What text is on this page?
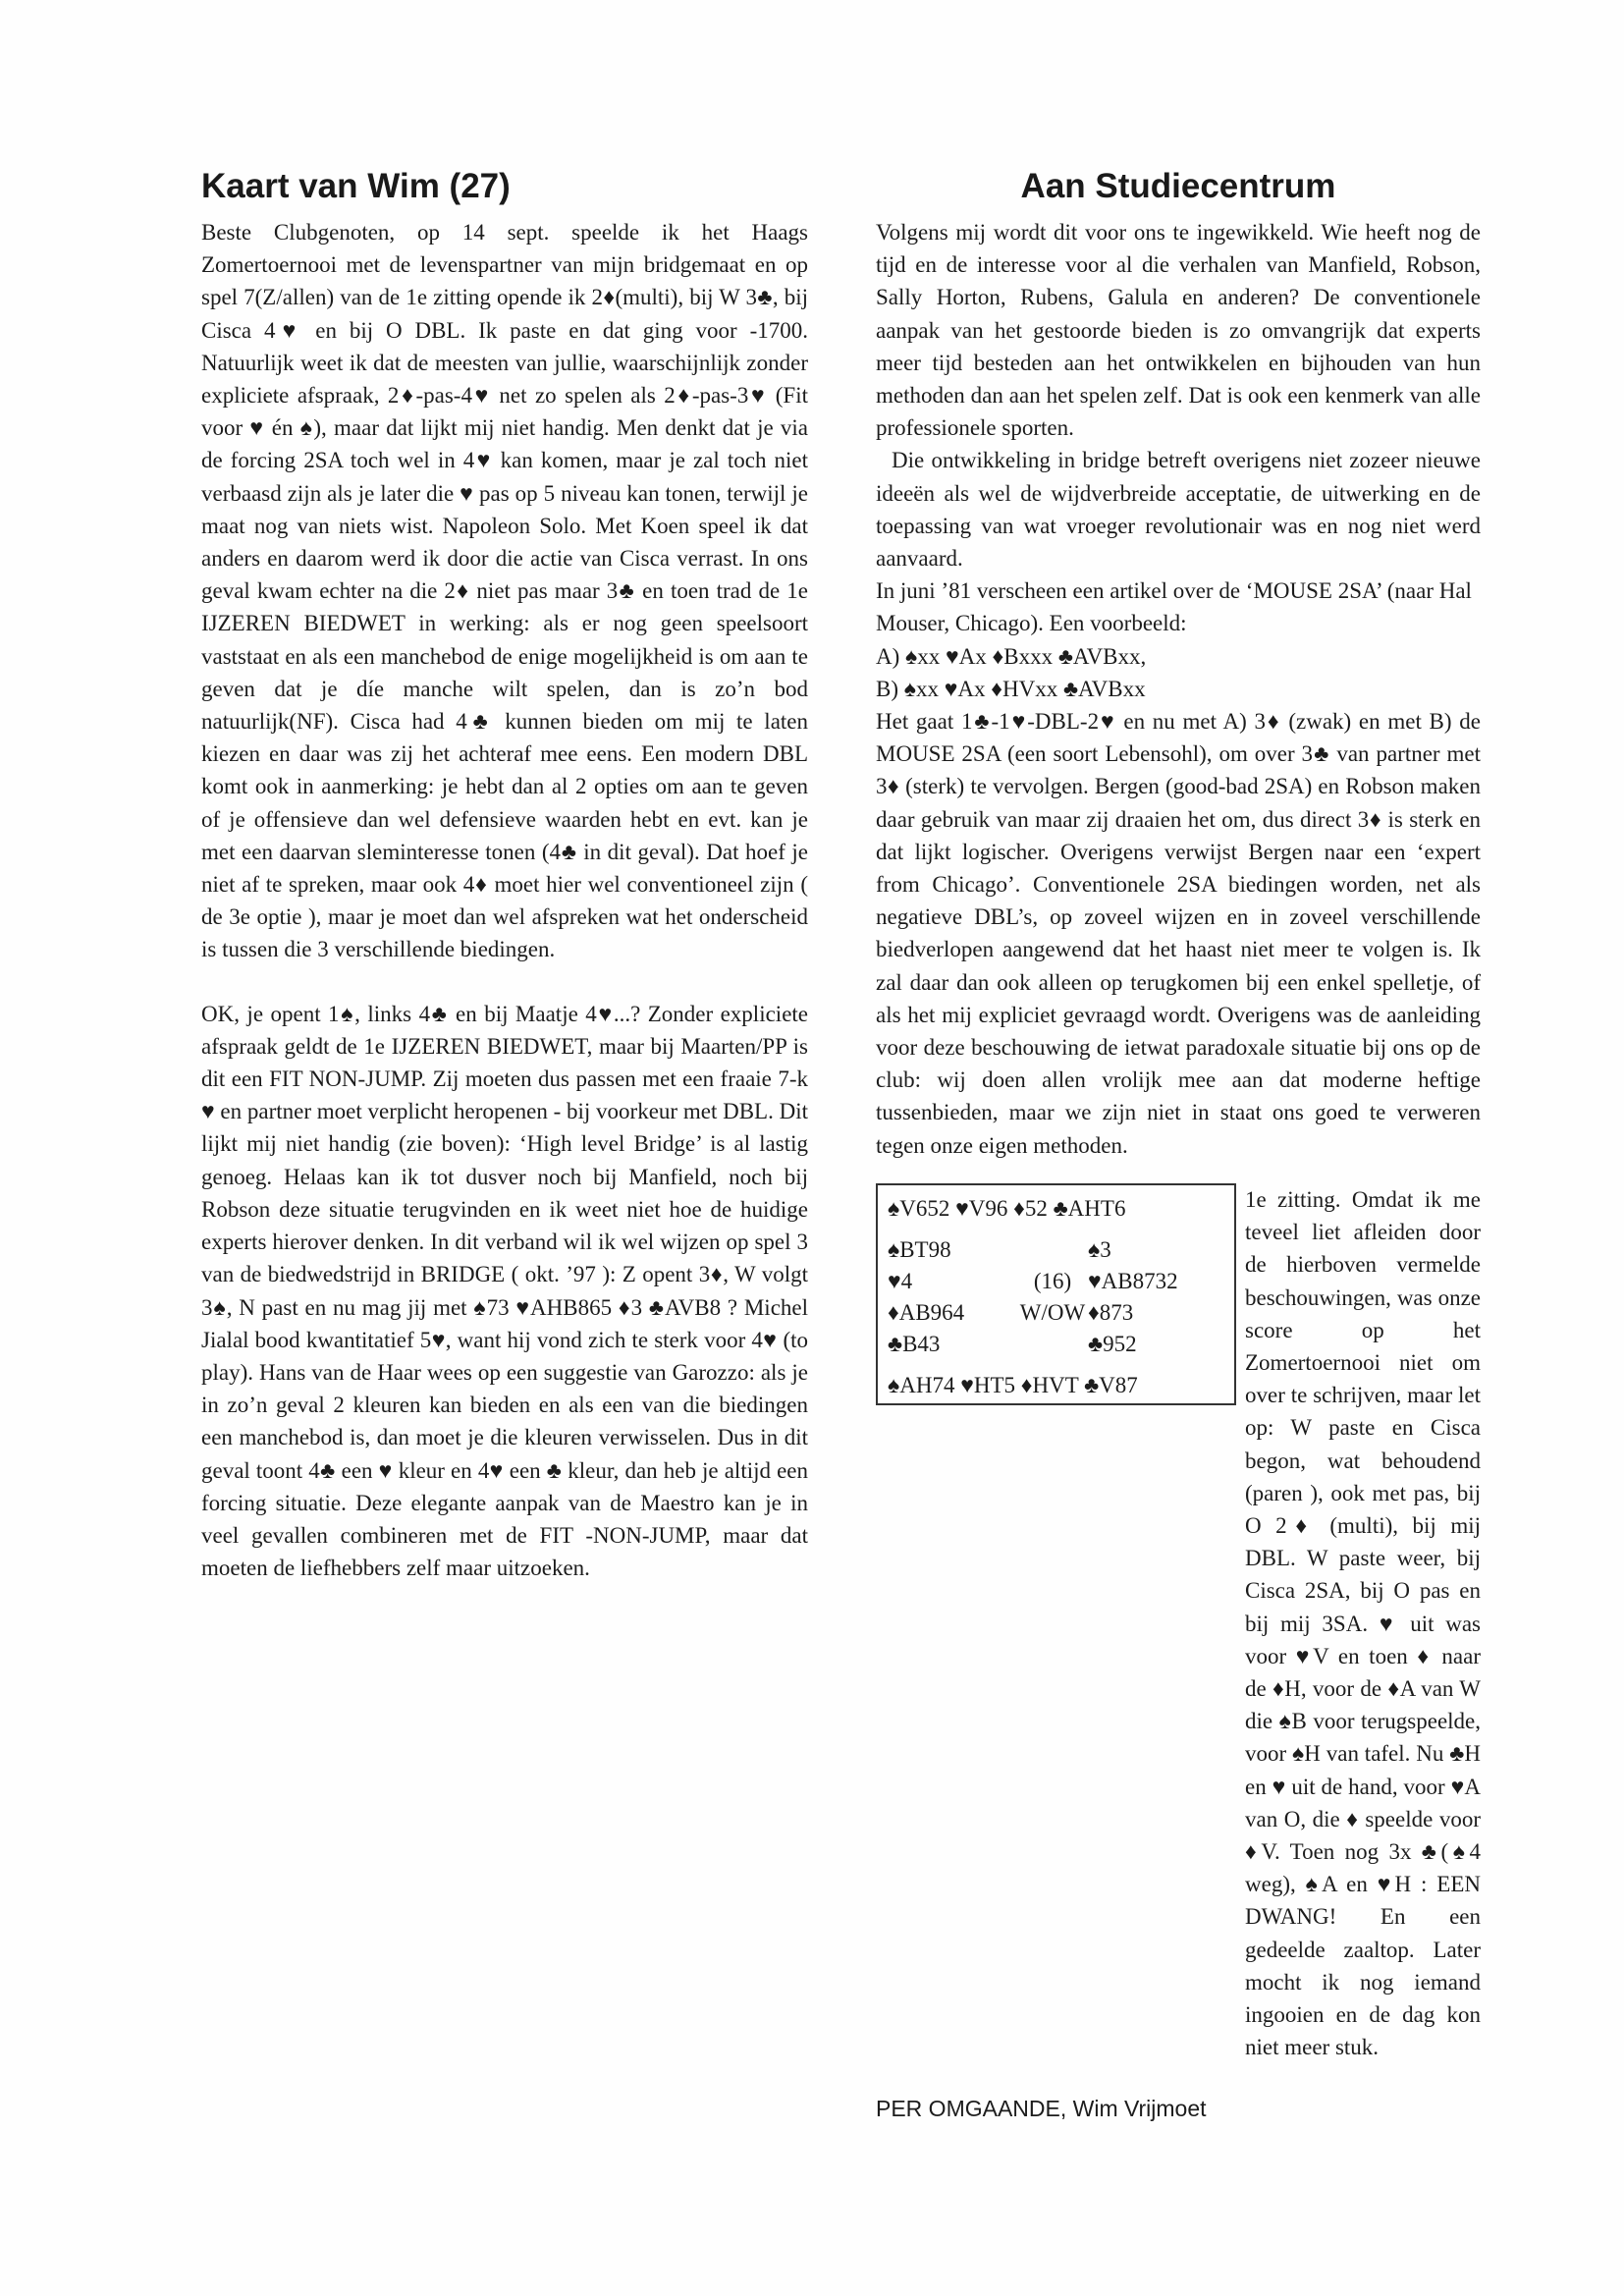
Kaart van Wim (27)

Beste Clubgenoten, op 14 sept. speelde ik het Haags Zomertoernooi met de levenspartner van mijn bridgemaat en op spel 7(Z/allen) van de 1e zitting opende ik 2♦(multi), bij W 3♣, bij Cisca 4♥ en bij O DBL. Ik paste en dat ging voor -1700. Natuurlijk weet ik dat de meesten van jullie, waarschijnlijk zonder expliciete afspraak, 2♦-pas-4♥ net zo spelen als 2♦-pas-3♥ (Fit voor ♥ én ♠), maar dat lijkt mij niet handig. Men denkt dat je via de forcing 2SA toch wel in 4♥ kan komen, maar je zal toch niet verbaasd zijn als je later die ♥ pas op 5 niveau kan tonen, terwijl je maat nog van niets wist. Napoleon Solo. Met Koen speel ik dat anders en daarom werd ik door die actie van Cisca verrast. In ons geval kwam echter na die 2♦ niet pas maar 3♣ en toen trad de 1e IJZEREN BIEDWET in werking: als er nog geen speelsoort vaststaat en als een manchebod de enige mogelijkheid is om aan te geven dat je díe manche wilt spelen, dan is zo’n bod natuurlijk(NF). Cisca had 4♣ kunnen bieden om mij te laten kiezen en daar was zij het achteraf mee eens. Een modern DBL komt ook in aanmerking: je hebt dan al 2 opties om aan te geven of je offensieve dan wel defensieve waarden hebt en evt. kan je met een daarvan sleminteresse tonen (4♣ in dit geval). Dat hoef je niet af te spreken, maar ook 4♦ moet hier wel conventioneel zijn ( de 3e optie ), maar je moet dan wel afspreken wat het onderscheid is tussen die 3 verschillende biedingen.

OK, je opent 1♠, links 4♣ en bij Maatje 4♥...? Zonder expliciete afspraak geldt de 1e IJZEREN BIEDWET, maar bij Maarten/PP is dit een FIT NON-JUMP. Zij moeten dus passen met een fraaie 7-k ♥ en partner moet verplicht heropenen - bij voorkeur met DBL. Dit lijkt mij niet handig (zie boven): ‘High level Bridge’ is al lastig genoeg. Helaas kan ik tot dusver noch bij Manfield, noch bij Robson deze situatie terugvinden en ik weet niet hoe de huidige experts hierover denken. In dit verband wil ik wel wijzen op spel 3 van de biedwedstrijd in BRIDGE ( okt. ’97 ): Z opent 3♦, W volgt 3♠, N past en nu mag jij met ♠73 ♥AHB865 ♦3 ♣AVB8 ? Michel Jialal bood kwantitatief 5♥, want hij vond zich te sterk voor 4♥ (to play). Hans van de Haar wees op een suggestie van Garozzo: als je in zo’n geval 2 kleuren kan bieden en als een van die biedingen een manchebod is, dan moet je die kleuren verwisselen. Dus in dit geval toont 4♣ een ♥ kleur en 4♥ een ♣ kleur, dan heb je altijd een forcing situatie. Deze elegante aanpak van de Maestro kan je in veel gevallen combineren met de FIT -NON-JUMP, maar dat moeten de liefhebbers zelf maar uitzoeken.

Aan Studiecentrum

Volgens mij wordt dit voor ons te ingewikkeld. Wie heeft nog de tijd en de interesse voor al die verhalen van Manfield, Robson, Sally Horton, Rubens, Galula en anderen? De conventionele aanpak van het gestoorde bieden is zo omvangrijk dat experts meer tijd besteden aan het ontwikkelen en bijhouden van hun methoden dan aan het spelen zelf. Dat is ook een kenmerk van alle professionele sporten.

Die ontwikkeling in bridge betreft overigens niet zozeer nieuwe ideeën als wel de wijdverbreide acceptatie, de uitwerking en de toepassing van wat vroeger revolutionair was en nog niet werd aanvaard.

In juni ’81 verscheen een artikel over de ‘MOUSE 2SA’ (naar Hal Mouser, Chicago). Een voorbeeld:

A) ♠xx ♥Ax ♦Bxxx ♣AVBxx,

B) ♠xx ♥Ax ♦HVxx ♣AVBxx

Het gaat 1♣-1♥-DBL-2♥ en nu met A) 3♦ (zwak) en met B) de MOUSE 2SA (een soort Lebensohl), om over 3♣ van partner met 3♦ (sterk) te vervolgen. Bergen (good-bad 2SA) en Robson maken daar gebruik van maar zij draaien het om, dus direct 3♦ is sterk en dat lijkt logischer. Overigens verwijst Bergen naar een ‘expert from Chicago’. Conventionele 2SA biedingen worden, net als negatieve DBL’s, op zoveel wijzen en in zoveel verschillende biedverlopen aangewend dat het haast niet meer te volgen is. Ik zal daar dan ook alleen op terugkomen bij een enkel spelletje, of als het mij expliciet gevraagd wordt. Overigens was de aanleiding voor deze beschouwing de ietwat paradoxale situatie bij ons op de club: wij doen allen vrolijk mee aan dat moderne heftige tussenbieden, maar we zijn niet in staat ons goed te verweren tegen onze eigen methoden.

♠V652 ♥V96 ♦52 ♣AHT6
♠BT98
♥4
♦AB964
♣B43
(16)
W/OW
♠3
♥AB8732
♦873
♣952
♠AH74 ♥HT5 ♦HVT ♣V87
1e zitting. Omdat ik me teveel liet afleiden door de hierboven vermelde beschouwingen, was onze score op het Zomertoernooi niet om over te schrijven, maar let op: W paste en Cisca begon, wat behoudend (paren ), ook met pas, bij O 2♦ (multi), bij mij DBL. W paste weer, bij Cisca 2SA, bij O pas en bij mij 3SA. ♥ uit was voor ♥V en toen ♦ naar de ♦H, voor de ♦A van W die ♠B voor terugspeelde, voor ♠H van tafel. Nu ♣H en ♥ uit de hand, voor ♥A van O, die ♦ speelde voor ♦V. Toen nog 3x ♣(♠4 weg), ♠A en ♥H : EEN DWANG! En een gedeelde zaaltop. Later mocht ik nog iemand ingooien en de dag kon niet meer stuk.
PER OMGAANDE, Wim Vrijmoet
